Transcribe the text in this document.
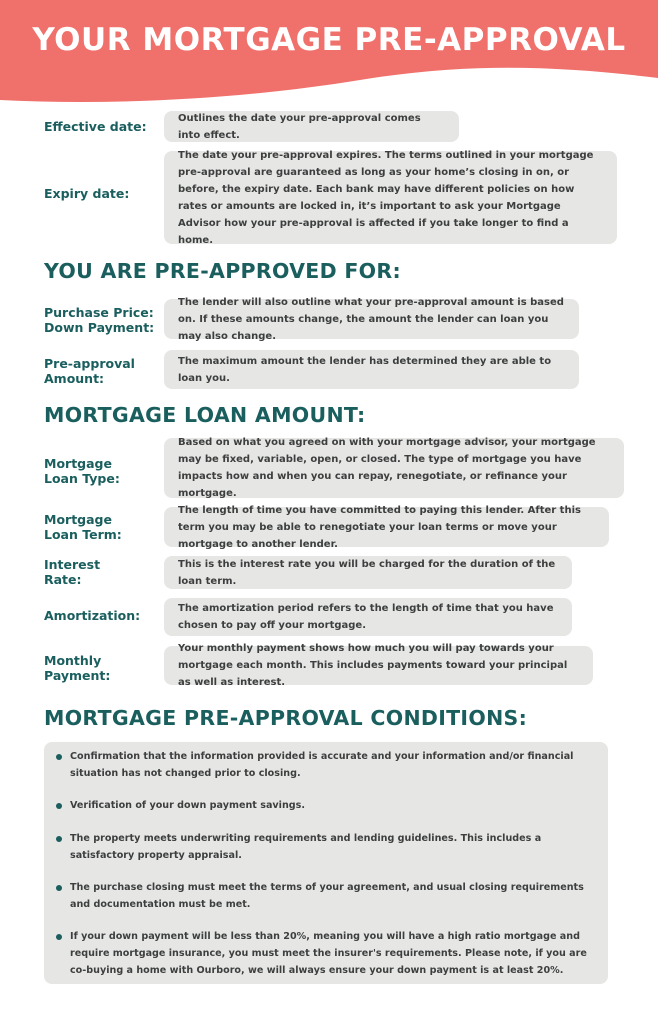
YOUR MORTGAGE PRE-APPROVAL
Effective date:
Outlines the date your pre-approval comes into effect.
Expiry date:
The date your pre-approval expires. The terms outlined in your mortgage pre-approval are guaranteed as long as your home’s closing in on, or before, the expiry date. Each bank may have different policies on how rates or amounts are locked in, it’s important to ask your Mortgage Advisor how your pre-approval is affected if you take longer to find a home.
YOU ARE PRE-APPROVED FOR:
Purchase Price:
Down Payment:
The lender will also outline what your pre-approval amount is based on. If these amounts change, the amount the lender can loan you may also change.
Pre-approval
Amount:
The maximum amount the lender has determined they are able to loan you.
MORTGAGE LOAN AMOUNT:
Mortgage
Loan Type:
Based on what you agreed on with your mortgage advisor, your mortgage may be fixed, variable, open, or closed. The type of mortgage you have impacts how and when you can repay, renegotiate, or refinance your mortgage.
Mortgage
Loan Term:
The length of time you have committed to paying this lender. After this term you may be able to renegotiate your loan terms or move your mortgage to another lender.
Interest
Rate:
This is the interest rate you will be charged for the duration of the loan term.
Amortization:	The amortization period refers to the length of time that you have chosen to pay off your mortgage.
Monthly
Payment:
Your monthly payment shows how much you will pay towards your mortgage each month. This includes payments toward your principal as well as interest.
MORTGAGE PRE-APPROVAL CONDITIONS:
Confirmation that the information provided is accurate and your information and/or financial situation has not changed prior to closing.
Verification of your down payment savings.
The property meets underwriting requirements and lending guidelines. This includes a satisfactory property appraisal.
The purchase closing must meet the terms of your agreement, and usual closing requirements and documentation must be met.
If your down payment will be less than 20%, meaning you will have a high ratio mortgage and require mortgage insurance, you must meet the insurer's requirements. Please note, if you are co-buying a home with Ourboro, we will always ensure your down payment is at least 20%.
